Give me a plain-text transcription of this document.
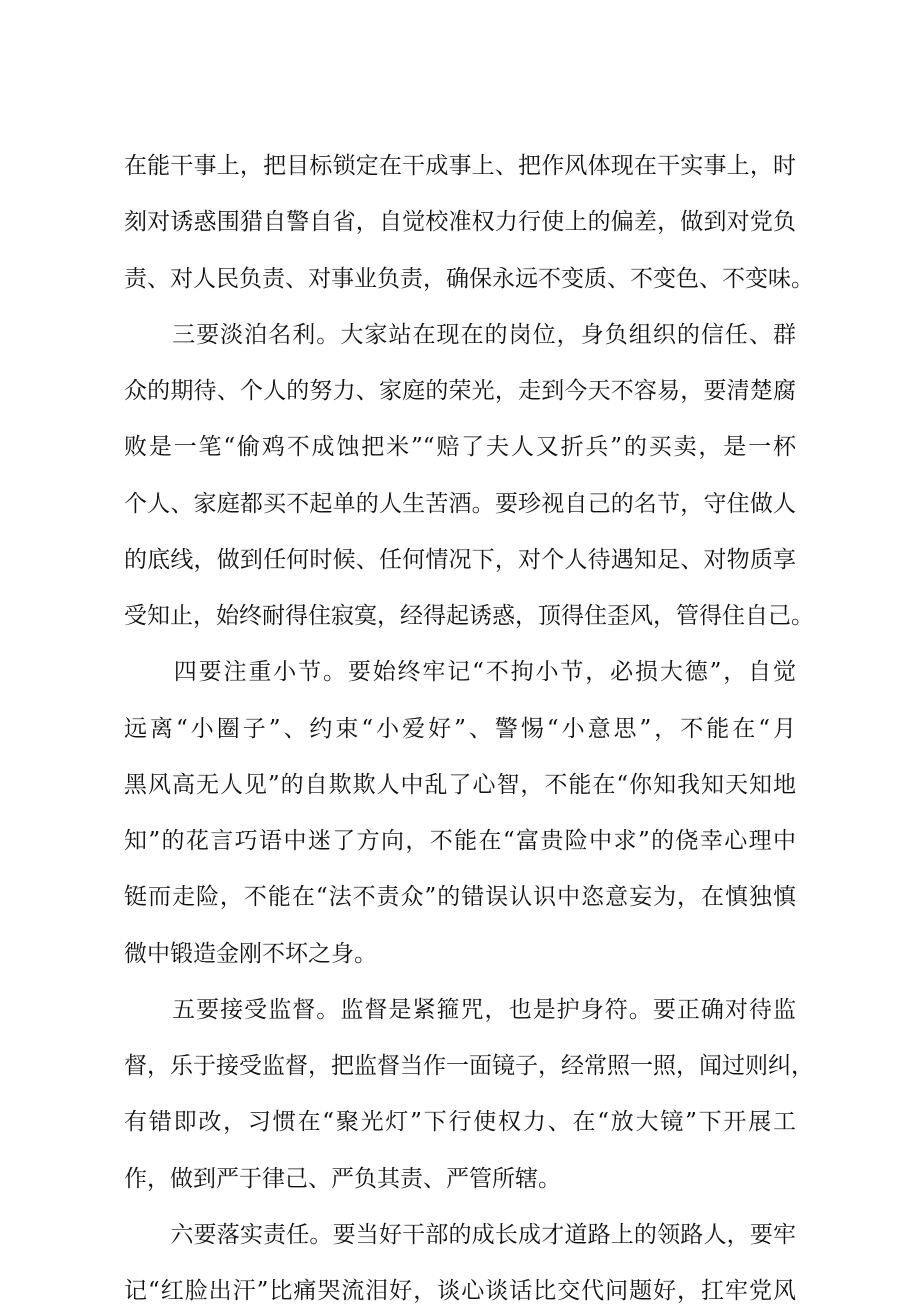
在能干事上，把目标锁定在干成事上、把作风体现在干实事上，时
刻对诱惑围猎自警自省，自觉校准权力行使上的偏差，做到对党负
责、对人民负责、对事业负责，确保永远不变质、不变色、不变味。
　　三要淡泊名利。大家站在现在的岗位，身负组织的信任、群
众的期待、个人的努力、家庭的荣光，走到今天不容易，要清楚腐
败是一笔“偷鸡不成蚀把米”“赔了夫人又折兵”的买卖，是一杯
个人、家庭都买不起单的人生苦酒。要珍视自己的名节，守住做人
的底线，做到任何时候、任何情况下，对个人待遇知足、对物质享
受知止，始终耐得住寂寞，经得起诱惑，顶得住歪风，管得住自己。
　　四要注重小节。要始终牢记“不拘小节，必损大德”，自觉
远离“小圈子”、约束“小爱好”、警惕“小意思”，不能在“月
黑风高无人见”的自欺欺人中乱了心智，不能在“你知我知天知地
知”的花言巧语中迷了方向，不能在“富贵险中求”的侥幸心理中
铤而走险，不能在“法不责众”的错误认识中恣意妄为，在慎独慎
微中锻造金刚不坏之身。
　　五要接受监督。监督是紧箍咒，也是护身符。要正确对待监
督，乐于接受监督，把监督当作一面镜子，经常照一照，闻过则纠，
有错即改，习惯在“聚光灯”下行使权力、在“放大镜”下开展工
作，做到严于律己、严负其责、严管所辖。
　　六要落实责任。要当好干部的成长成才道路上的领路人，要牢
记“红脸出汗”比痛哭流泪好，谈心谈话比交代问题好，扛牢党风
